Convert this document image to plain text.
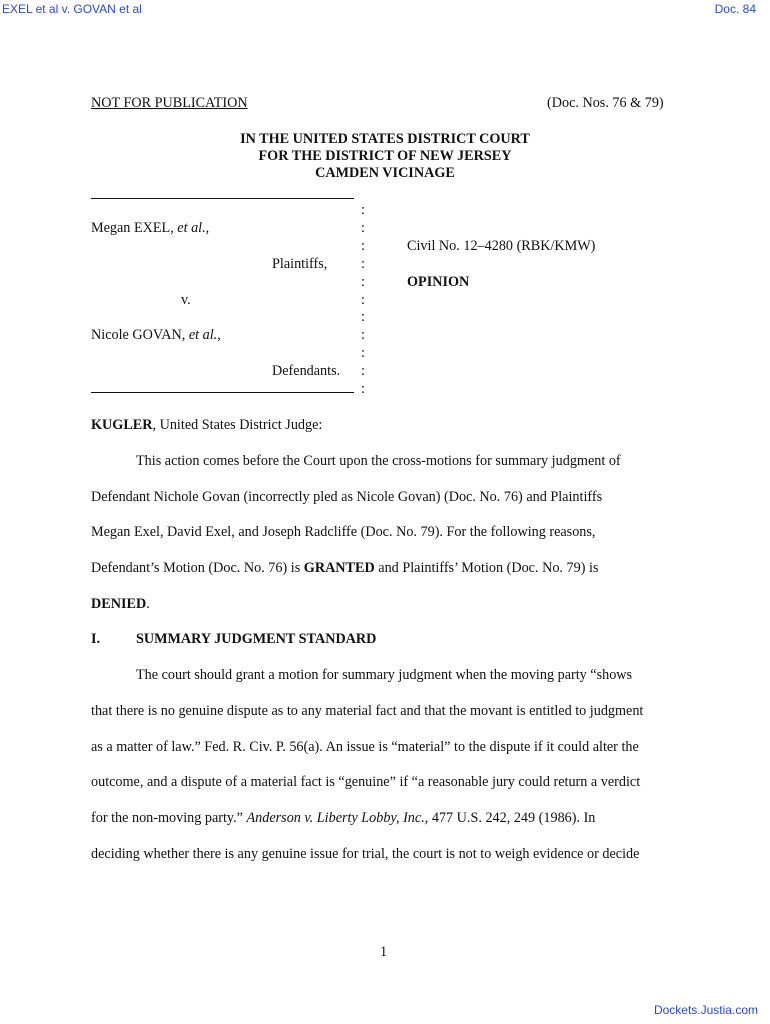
EXEL et al v. GOVAN et al	Doc. 84
NOT FOR PUBLICATION	(Doc. Nos. 76 & 79)
IN THE UNITED STATES DISTRICT COURT
FOR THE DISTRICT OF NEW JERSEY
CAMDEN VICINAGE
:
:
:
:
:
:
:
:
:
:
:
Megan EXEL, et al.,
Plaintiffs,
v.
Nicole GOVAN, et al.,
Defendants.
Civil No. 12–4280 (RBK/KMW)
OPINION
KUGLER, United States District Judge:
This action comes before the Court upon the cross-motions for summary judgment of
Defendant Nichole Govan (incorrectly pled as Nicole Govan) (Doc. No. 76) and Plaintiffs
Megan Exel, David Exel, and Joseph Radcliffe (Doc. No. 79). For the following reasons,
Defendant’s Motion (Doc. No. 76) is GRANTED and Plaintiffs’ Motion (Doc. No. 79) is
DENIED.
I.	SUMMARY JUDGMENT STANDARD
The court should grant a motion for summary judgment when the moving party “shows
that there is no genuine dispute as to any material fact and that the movant is entitled to judgment
as a matter of law.” Fed. R. Civ. P. 56(a). An issue is “material” to the dispute if it could alter the
outcome, and a dispute of a material fact is “genuine” if “a reasonable jury could return a verdict
for the non-moving party.” Anderson v. Liberty Lobby, Inc., 477 U.S. 242, 249 (1986). In
deciding whether there is any genuine issue for trial, the court is not to weigh evidence or decide
1
Dockets.Justia.com
